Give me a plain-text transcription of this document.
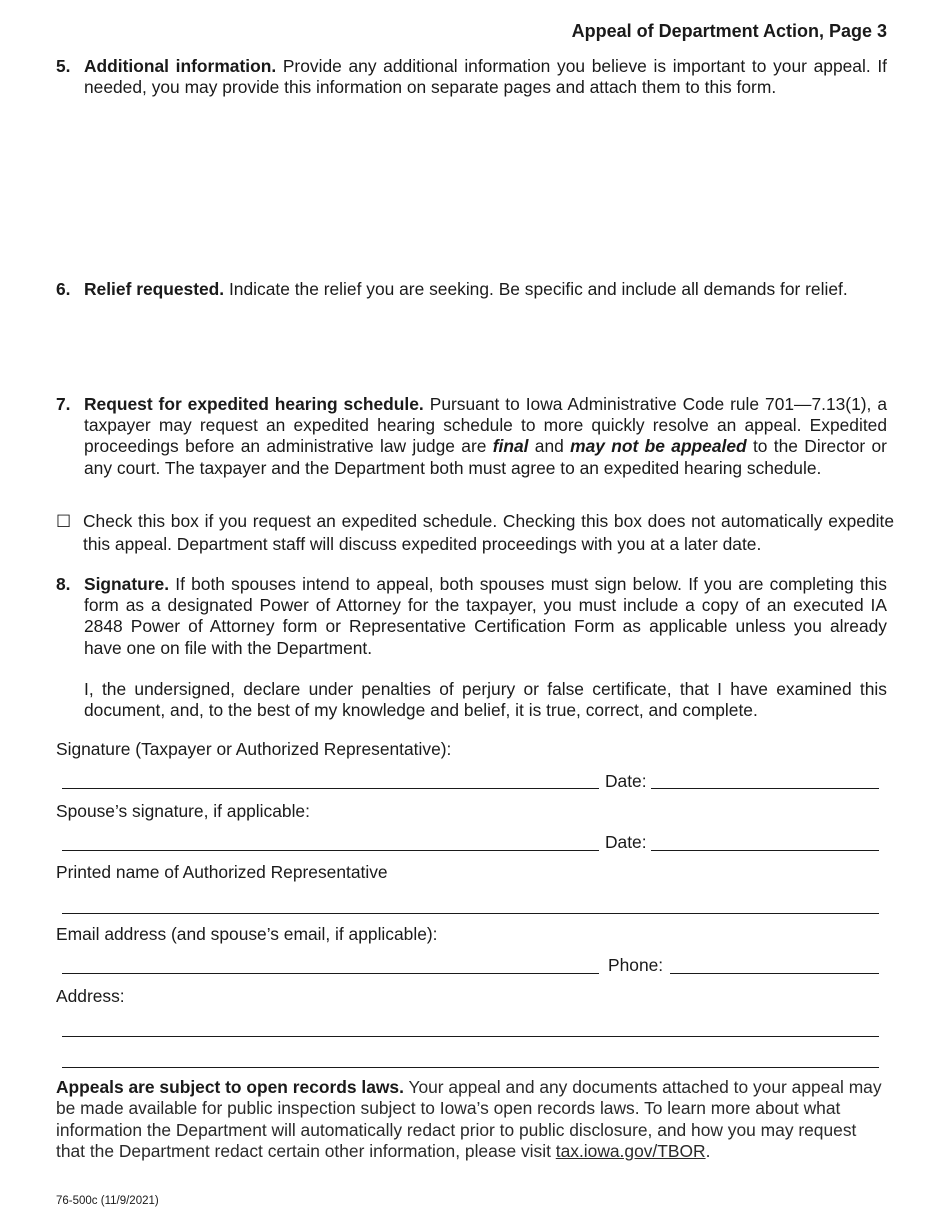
Appeal of Department Action, Page 3
5. Additional information. Provide any additional information you believe is important to your appeal. If needed, you may provide this information on separate pages and attach them to this form.
6. Relief requested. Indicate the relief you are seeking. Be specific and include all demands for relief.
7. Request for expedited hearing schedule. Pursuant to Iowa Administrative Code rule 701—7.13(1), a taxpayer may request an expedited hearing schedule to more quickly resolve an appeal. Expedited proceedings before an administrative law judge are final and may not be appealed to the Director or any court. The taxpayer and the Department both must agree to an expedited hearing schedule.
☐ Check this box if you request an expedited schedule. Checking this box does not automatically expedite this appeal. Department staff will discuss expedited proceedings with you at a later date.
8. Signature. If both spouses intend to appeal, both spouses must sign below. If you are completing this form as a designated Power of Attorney for the taxpayer, you must include a copy of an executed IA 2848 Power of Attorney form or Representative Certification Form as applicable unless you already have one on file with the Department.
I, the undersigned, declare under penalties of perjury or false certificate, that I have examined this document, and, to the best of my knowledge and belief, it is true, correct, and complete.
Signature (Taxpayer or Authorized Representative):
Date:
Spouse’s signature, if applicable:
Date:
Printed name of Authorized Representative
Email address (and spouse’s email, if applicable):
Phone:
Address:
Appeals are subject to open records laws. Your appeal and any documents attached to your appeal may be made available for public inspection subject to Iowa’s open records laws. To learn more about what information the Department will automatically redact prior to public disclosure, and how you may request that the Department redact certain other information, please visit tax.iowa.gov/TBOR.
76-500c (11/9/2021)
